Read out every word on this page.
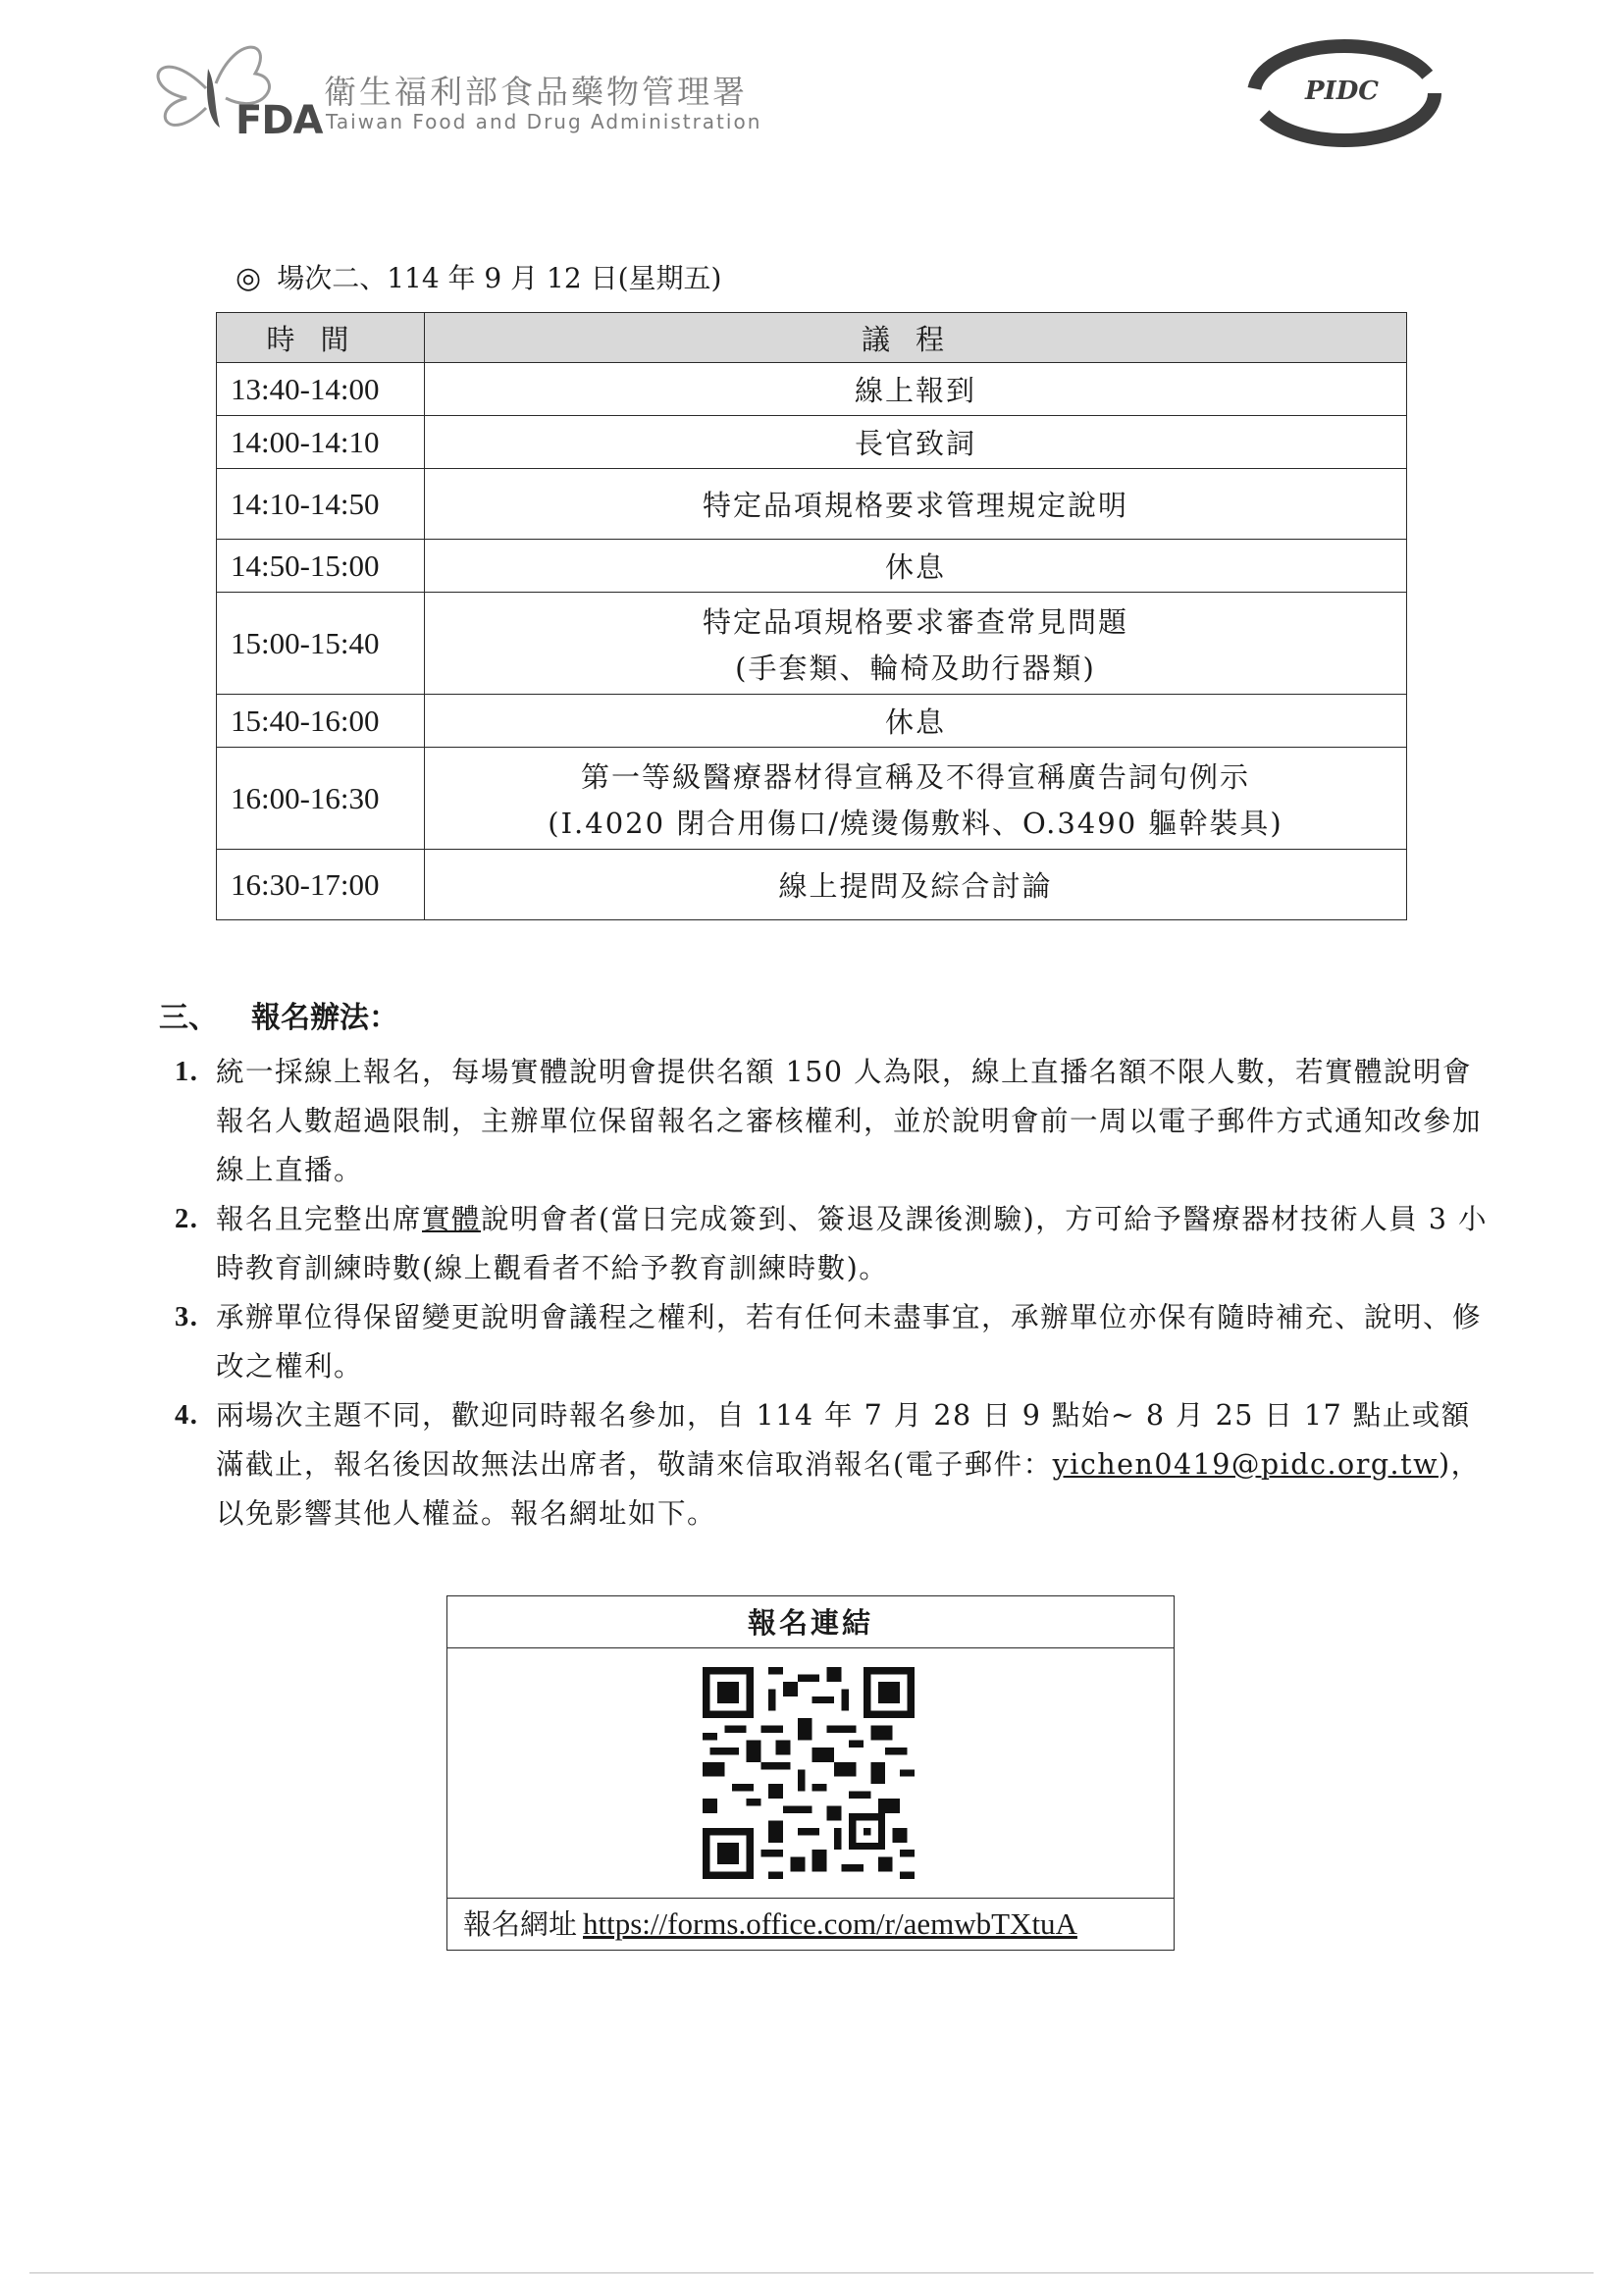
FDA
衛生福利部食品藥物管理署
Taiwan Food and Drug Administration
PIDC
◎ 場次二、114 年 9 月 12 日(星期五)
時間	議程
13:40-14:00	線上報到
14:00-14:10	長官致詞
14:10-14:50	特定品項規格要求管理規定說明
14:50-15:00	休息
15:00-15:40	特定品項規格要求審查常見問題
(手套類、輪椅及助行器類)

15:40-16:00	休息
16:00-16:30	第一等級醫療器材得宣稱及不得宣稱廣告詞句例示
(I.4020 閉合用傷口/燒燙傷敷料、O.3490 軀幹裝具)

16:30-17:00	線上提問及綜合討論
三、 報名辦法：
1. 統一採線上報名，每場實體說明會提供名額 150 人為限，線上直播名額不限人數，若實體說明會報名人數超過限制，主辦單位保留報名之審核權利，並於說明會前一周以電子郵件方式通知改參加線上直播。
2. 報名且完整出席實體說明會者(當日完成簽到、簽退及課後測驗)，方可給予醫療器材技術人員 3 小時教育訓練時數(線上觀看者不給予教育訓練時數)。
3. 承辦單位得保留變更說明會議程之權利，若有任何未盡事宜，承辦單位亦保有隨時補充、說明、修改之權利。
4. 兩場次主題不同，歡迎同時報名參加，自 114 年 7 月 28 日 9 點始~ 8 月 25 日 17 點止或額滿截止，報名後因故無法出席者，敬請來信取消報名(電子郵件：yichen0419@pidc.org.tw)，以免影響其他人權益。報名網址如下。
報名連結
報名網址 https://forms.office.com/r/aemwbTXtuA
